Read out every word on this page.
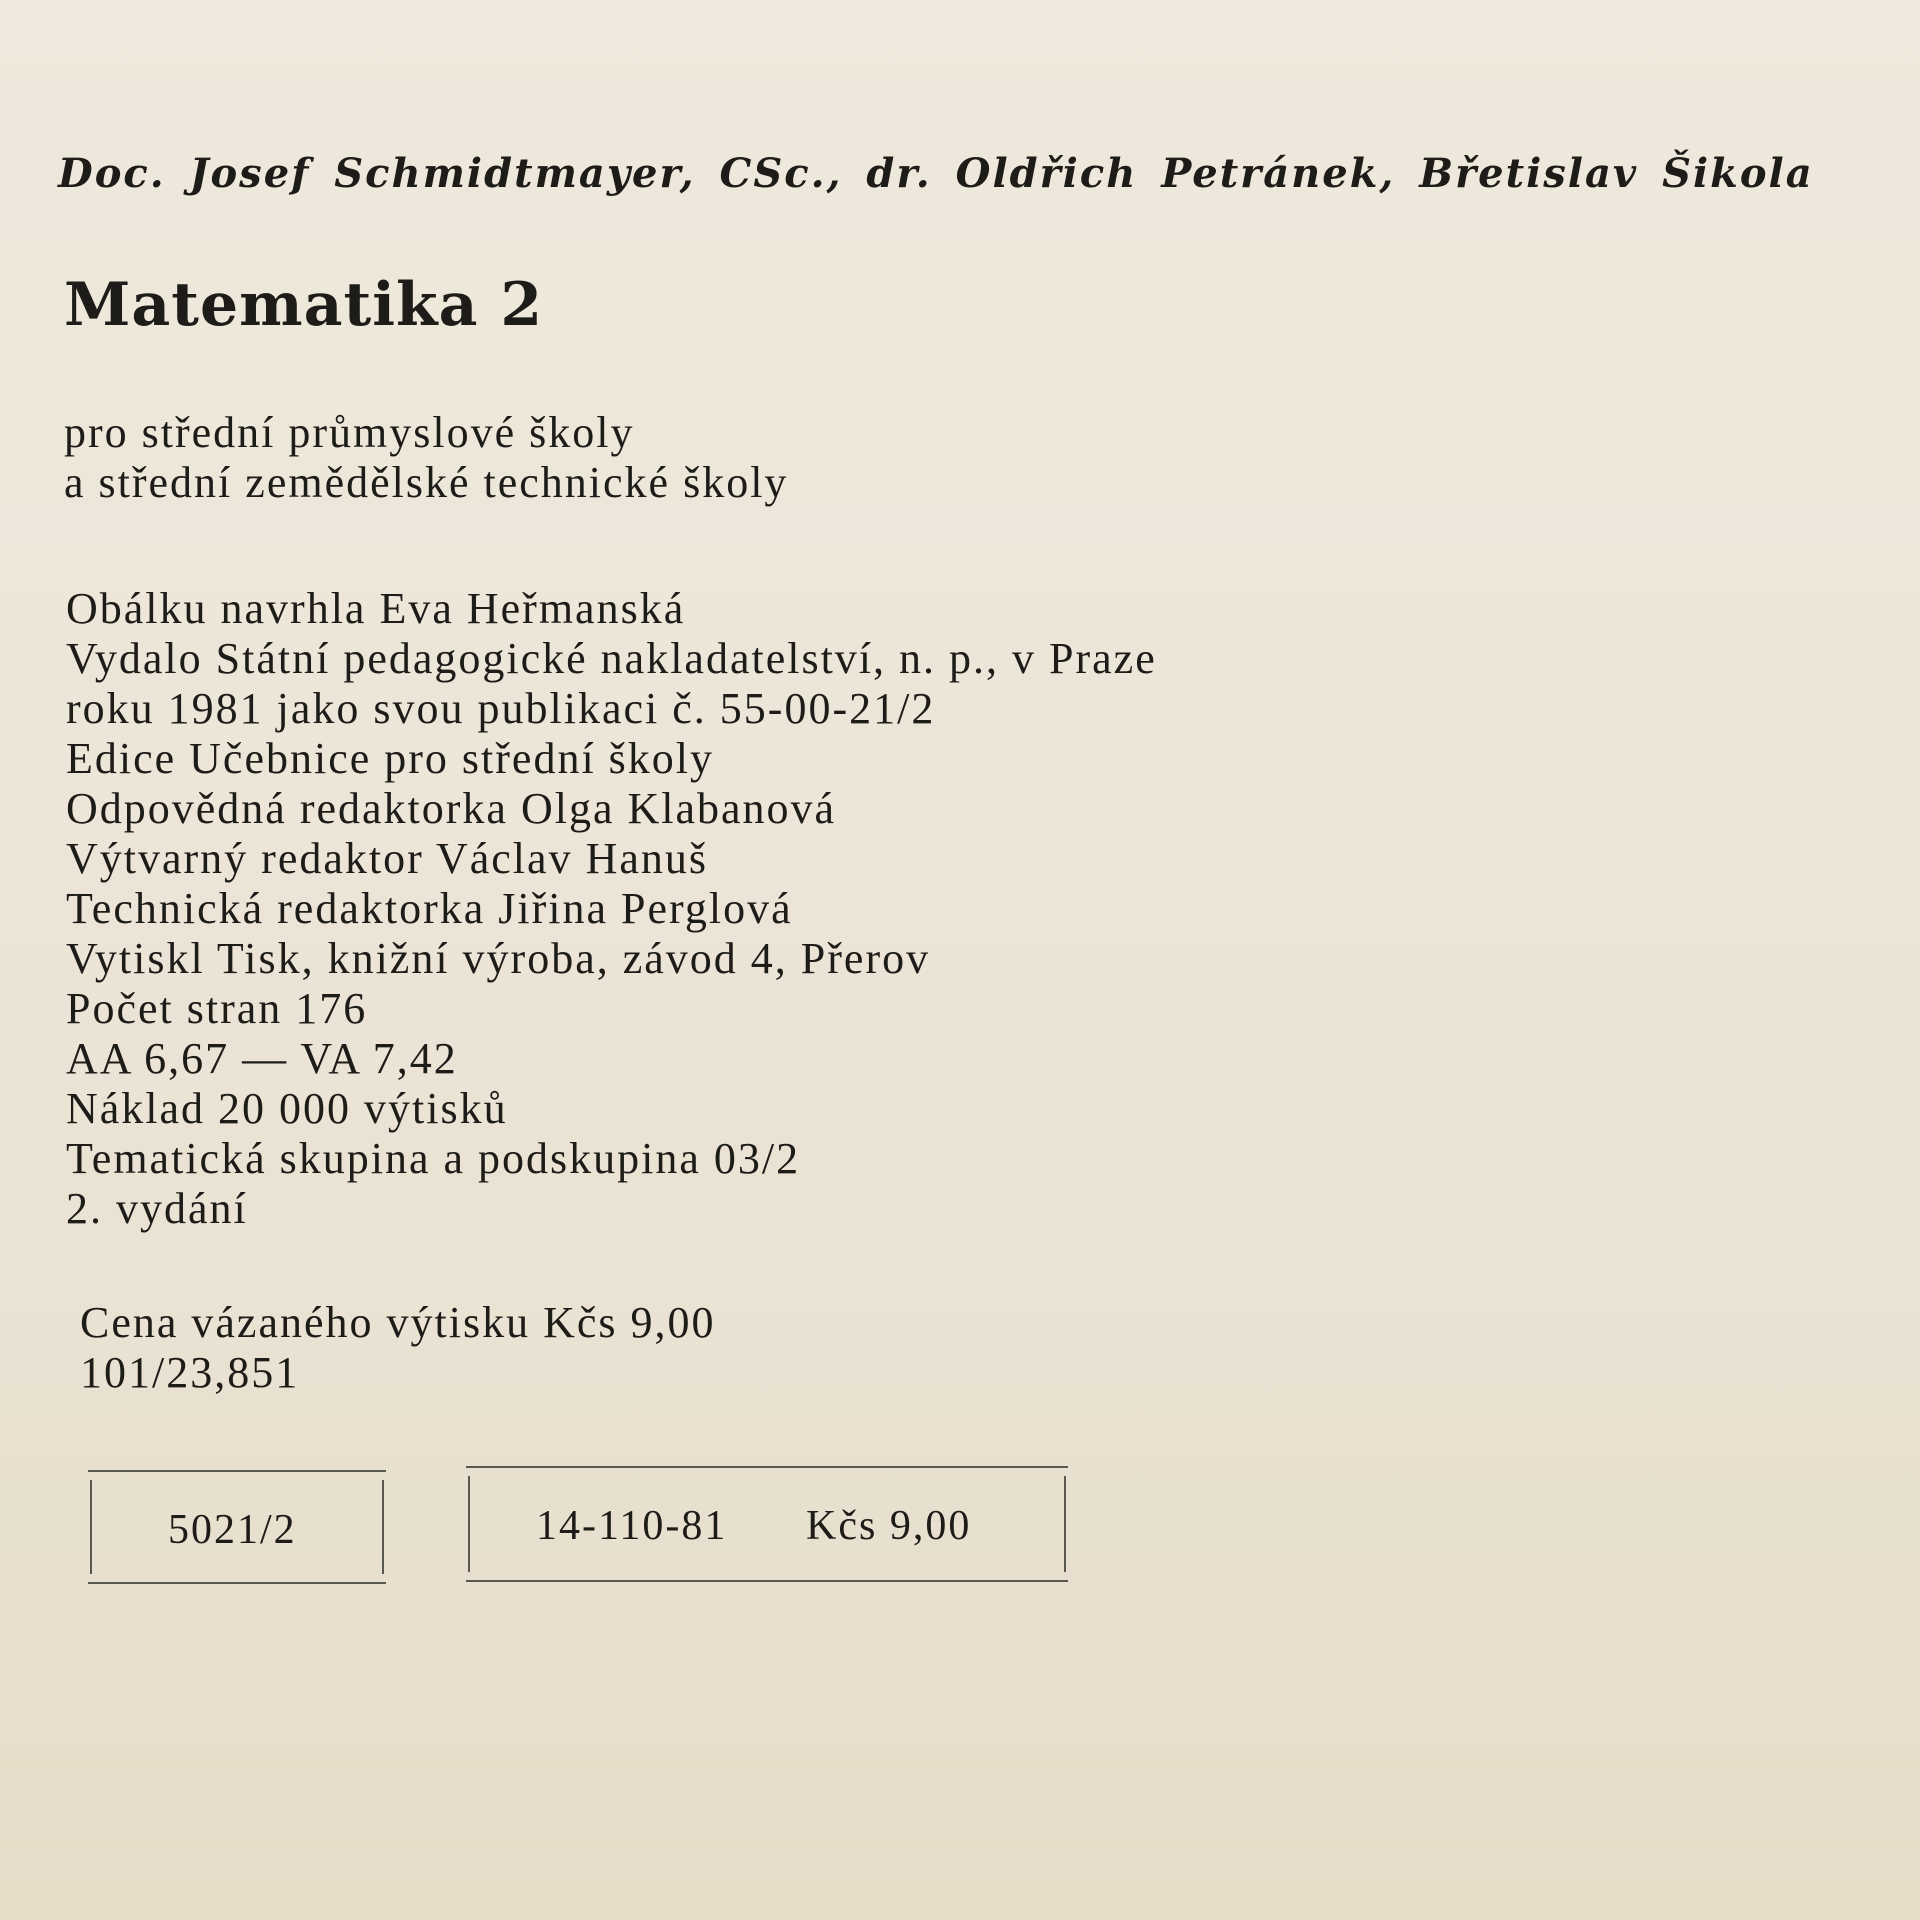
Doc. Josef Schmidtmayer, CSc., dr. Oldřich Petránek, Břetislav Šikola
Matematika 2
pro střední průmyslové školy
a střední zemědělské technické školy
Obálku navrhla Eva Heřmanská
Vydalo Státní pedagogické nakladatelství, n. p., v Praze
roku 1981 jako svou publikaci č. 55-00-21/2
Edice Učebnice pro střední školy
Odpovědná redaktorka Olga Klabanová
Výtvarný redaktor Václav Hanuš
Technická redaktorka Jiřina Perglová
Vytiskl Tisk, knižní výroba, závod 4, Přerov
Počet stran 176
AA 6,67 — VA 7,42
Náklad 20 000 výtisků
Tematická skupina a podskupina 03/2
2. vydání
Cena vázaného výtisku Kčs 9,00
101/23,851
5021/2	14-110-81 Kčs 9,00
